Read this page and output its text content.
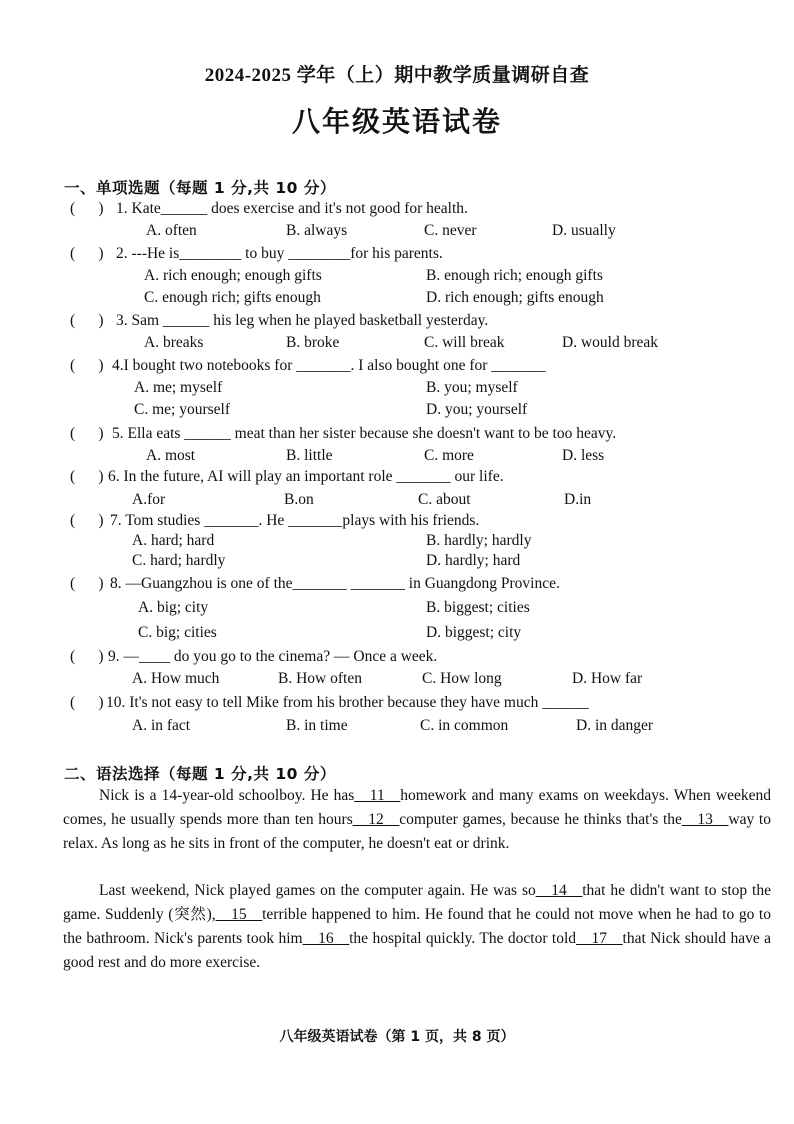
2024-2025 学年（上）期中教学质量调研自查
八年级英语试卷
一、单项选题（每题 1 分,共 10 分）
(      ) 1. Kate______ does exercise and it's not good for health.
A. often	B. always	C. never	D. usually
(      ) 2. ---He is________ to buy ________for his parents.
A. rich enough; enough gifts	B. enough rich; enough gifts
C. enough rich; gifts enough	D. rich enough; gifts enough
(      ) 3. Sam ______ his leg when he played basketball yesterday.
A. breaks	B. broke	C. will break	D. would break
(      ) 4.I bought two notebooks for _______. I also bought one for _______
A. me; myself	B. you; myself
C. me; yourself	D. you; yourself
(      ) 5. Ella eats ______ meat than her sister because she doesn't want to be too heavy.
A. most	B. little	C. more	D. less
(      ) 6. In the future, AI will play an important role _______ our life.
A.for	B.on	C. about	D.in
(      ) 7. Tom studies _______. He _______plays with his friends.
A. hard; hard	B. hardly; hardly
C. hard; hardly	D. hardly; hard
(      ) 8. —Guangzhou is one of the_______ _______ in Guangdong Province.
A. big; city	B. biggest; cities
C. big; cities	D. biggest; city
(      ) 9. —____ do you go to the cinema? — Once a week.
A. How much	B. How often	C. How long	D. How far
(      ) 10. It's not easy to tell Mike from his brother because they have much ______
A. in fact	B. in time	C. in common	D. in danger
二、语法选择（每题 1 分,共 10 分）
Nick is a 14-year-old schoolboy. He has__11__homework and many exams on weekdays. When weekend comes, he usually spends more than ten hours__12__computer games, because he thinks that's the__13__way to relax. As long as he sits in front of the computer, he doesn't eat or drink.
Last weekend, Nick played games on the computer again. He was so__14__that he didn't want to stop the game. Suddenly (突然),__15__terrible happened to him. He found that he could not move when he had to go to the bathroom. Nick's parents took him__16__the hospital quickly. The doctor told__17__that Nick should have a good rest and do more exercise.
八年级英语试卷（第 1 页，共 8 页）
